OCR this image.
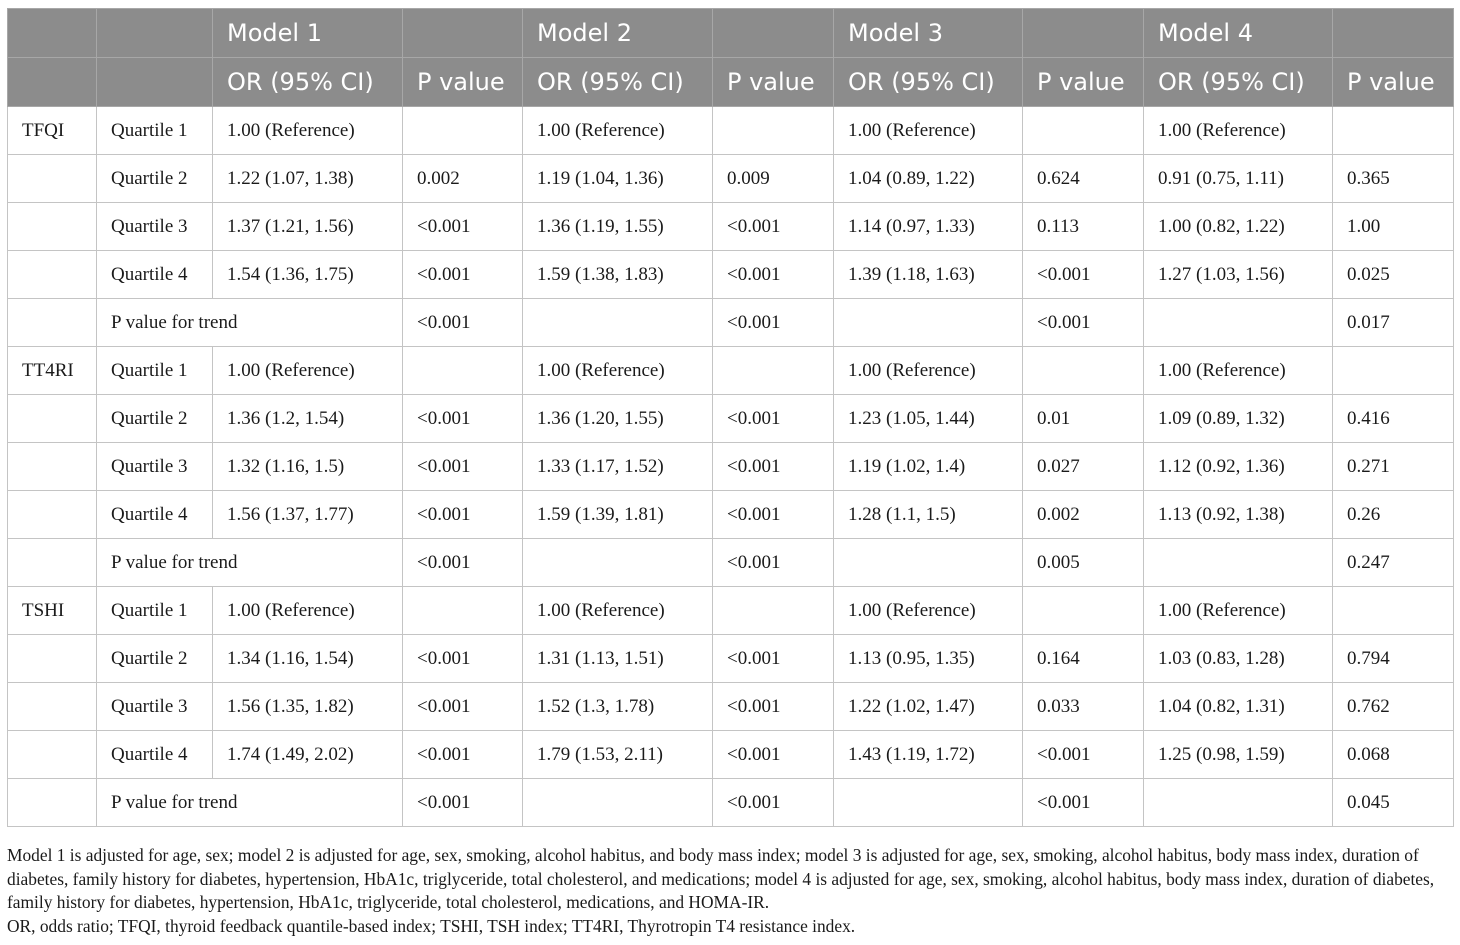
		Model 1		Model 2		Model 3		Model 4	
		OR (95% CI)	P value	OR (95% CI)	P value	OR (95% CI)	P value	OR (95% CI)	P value
TFQI	Quartile 1	1.00 (Reference)		1.00 (Reference)		1.00 (Reference)		1.00 (Reference)	
	Quartile 2	1.22 (1.07, 1.38)	0.002	1.19 (1.04, 1.36)	0.009	1.04 (0.89, 1.22)	0.624	0.91 (0.75, 1.11)	0.365
	Quartile 3	1.37 (1.21, 1.56)	<0.001	1.36 (1.19, 1.55)	<0.001	1.14 (0.97, 1.33)	0.113	1.00 (0.82, 1.22)	1.00
	Quartile 4	1.54 (1.36, 1.75)	<0.001	1.59 (1.38, 1.83)	<0.001	1.39 (1.18, 1.63)	<0.001	1.27 (1.03, 1.56)	0.025
	P value for trend		<0.001		<0.001		<0.001		0.017
TT4RI	Quartile 1	1.00 (Reference)		1.00 (Reference)		1.00 (Reference)		1.00 (Reference)	
	Quartile 2	1.36 (1.2, 1.54)	<0.001	1.36 (1.20, 1.55)	<0.001	1.23 (1.05, 1.44)	0.01	1.09 (0.89, 1.32)	0.416
	Quartile 3	1.32 (1.16, 1.5)	<0.001	1.33 (1.17, 1.52)	<0.001	1.19 (1.02, 1.4)	0.027	1.12 (0.92, 1.36)	0.271
	Quartile 4	1.56 (1.37, 1.77)	<0.001	1.59 (1.39, 1.81)	<0.001	1.28 (1.1, 1.5)	0.002	1.13 (0.92, 1.38)	0.26
	P value for trend		<0.001		<0.001		0.005		0.247
TSHI	Quartile 1	1.00 (Reference)		1.00 (Reference)		1.00 (Reference)		1.00 (Reference)	
	Quartile 2	1.34 (1.16, 1.54)	<0.001	1.31 (1.13, 1.51)	<0.001	1.13 (0.95, 1.35)	0.164	1.03 (0.83, 1.28)	0.794
	Quartile 3	1.56 (1.35, 1.82)	<0.001	1.52 (1.3, 1.78)	<0.001	1.22 (1.02, 1.47)	0.033	1.04 (0.82, 1.31)	0.762
	Quartile 4	1.74 (1.49, 2.02)	<0.001	1.79 (1.53, 2.11)	<0.001	1.43 (1.19, 1.72)	<0.001	1.25 (0.98, 1.59)	0.068
	P value for trend		<0.001		<0.001		<0.001		0.045

Model 1 is adjusted for age, sex; model 2 is adjusted for age, sex, smoking, alcohol habitus, and body mass index; model 3 is adjusted for age, sex, smoking, alcohol habitus, body mass index, duration of diabetes, family history for diabetes, hypertension, HbA1c, triglyceride, total cholesterol, and medications; model 4 is adjusted for age, sex, smoking, alcohol habitus, body mass index, duration of diabetes, family history for diabetes, hypertension, HbA1c, triglyceride, total cholesterol, medications, and HOMA-IR.

OR, odds ratio; TFQI, thyroid feedback quantile-based index; TSHI, TSH index; TT4RI, Thyrotropin T4 resistance index.
